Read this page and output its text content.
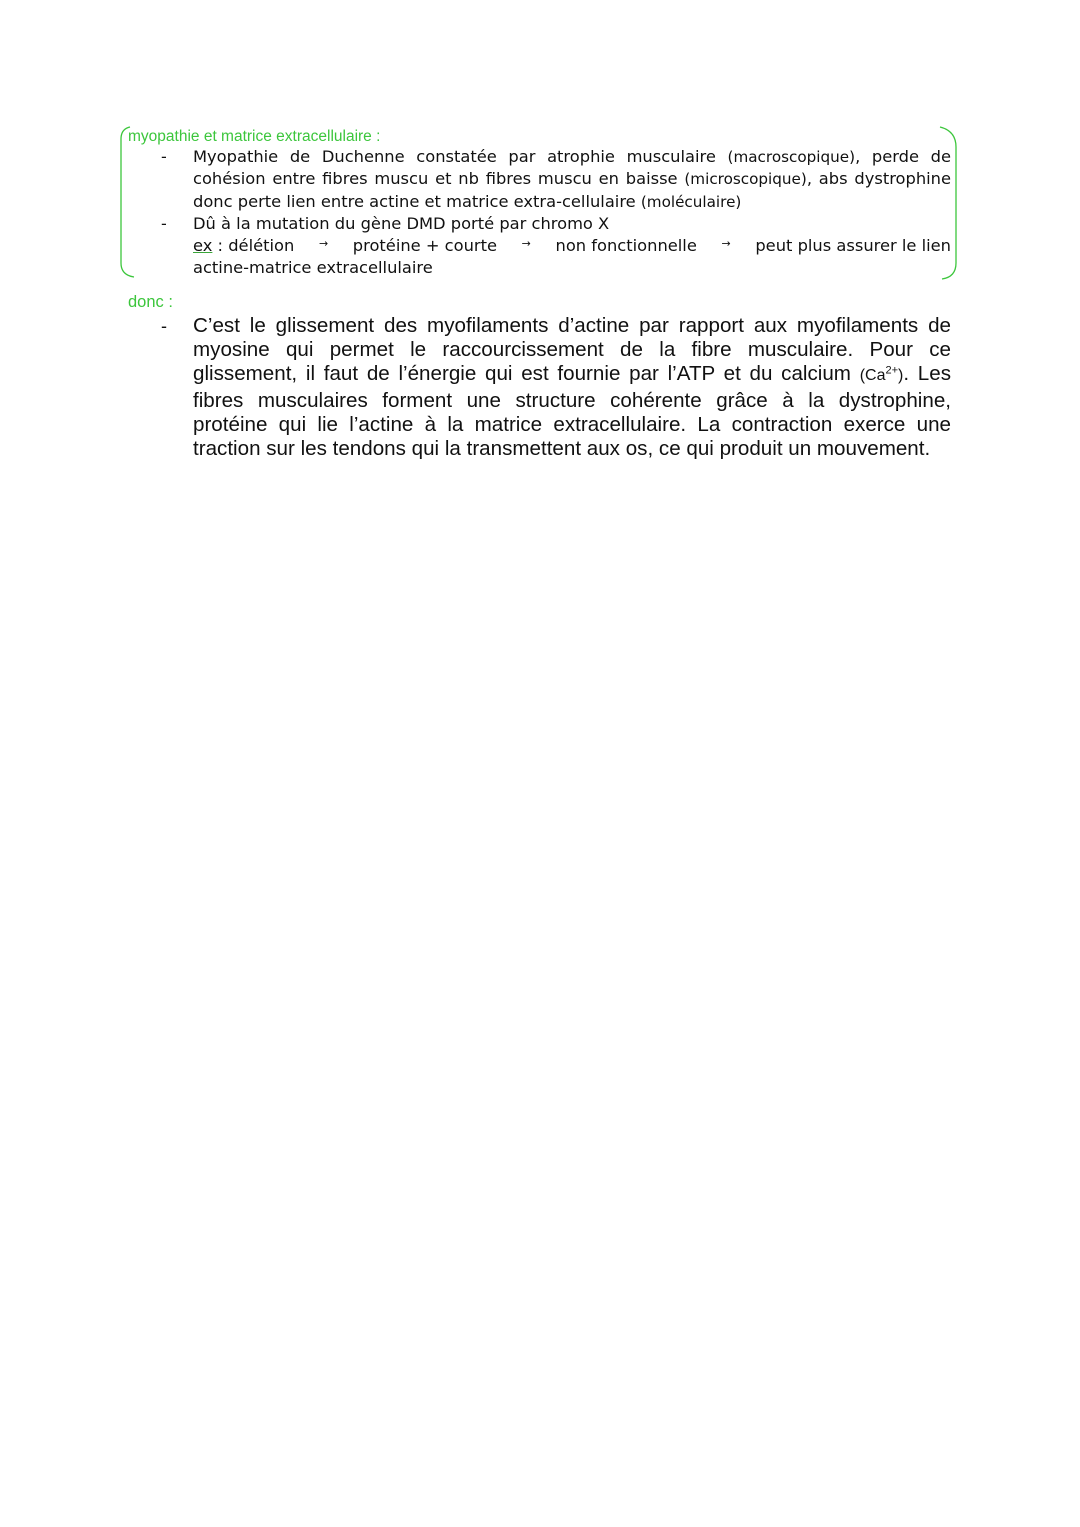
myopathie et matrice extracellulaire :
- Myopathie de Duchenne constatée par atrophie musculaire (macroscopique), perde de cohésion entre fibres muscu et nb fibres muscu en baisse (microscopique), abs dystrophine donc perte lien entre actine et matrice extra-cellulaire (moléculaire)
- Dû à la mutation du gène DMD porté par chromo X
ex : délétion → protéine + courte → non fonctionnelle → peut plus assurer le lien
actine-matrice extracellulaire
donc :
- C’est le glissement des myofilaments d’actine par rapport aux myofilaments de myosine qui permet le raccourcissement de la fibre musculaire. Pour ce glissement, il faut de l’énergie qui est fournie par l’ATP et du calcium $(Ca^{2+})$. Les fibres musculaires forment une structure cohérente grâce à la dystrophine, protéine qui lie l’actine à la matrice extracellulaire. La contraction exerce une traction sur les tendons qui la transmettent aux os, ce qui produit un mouvement.
